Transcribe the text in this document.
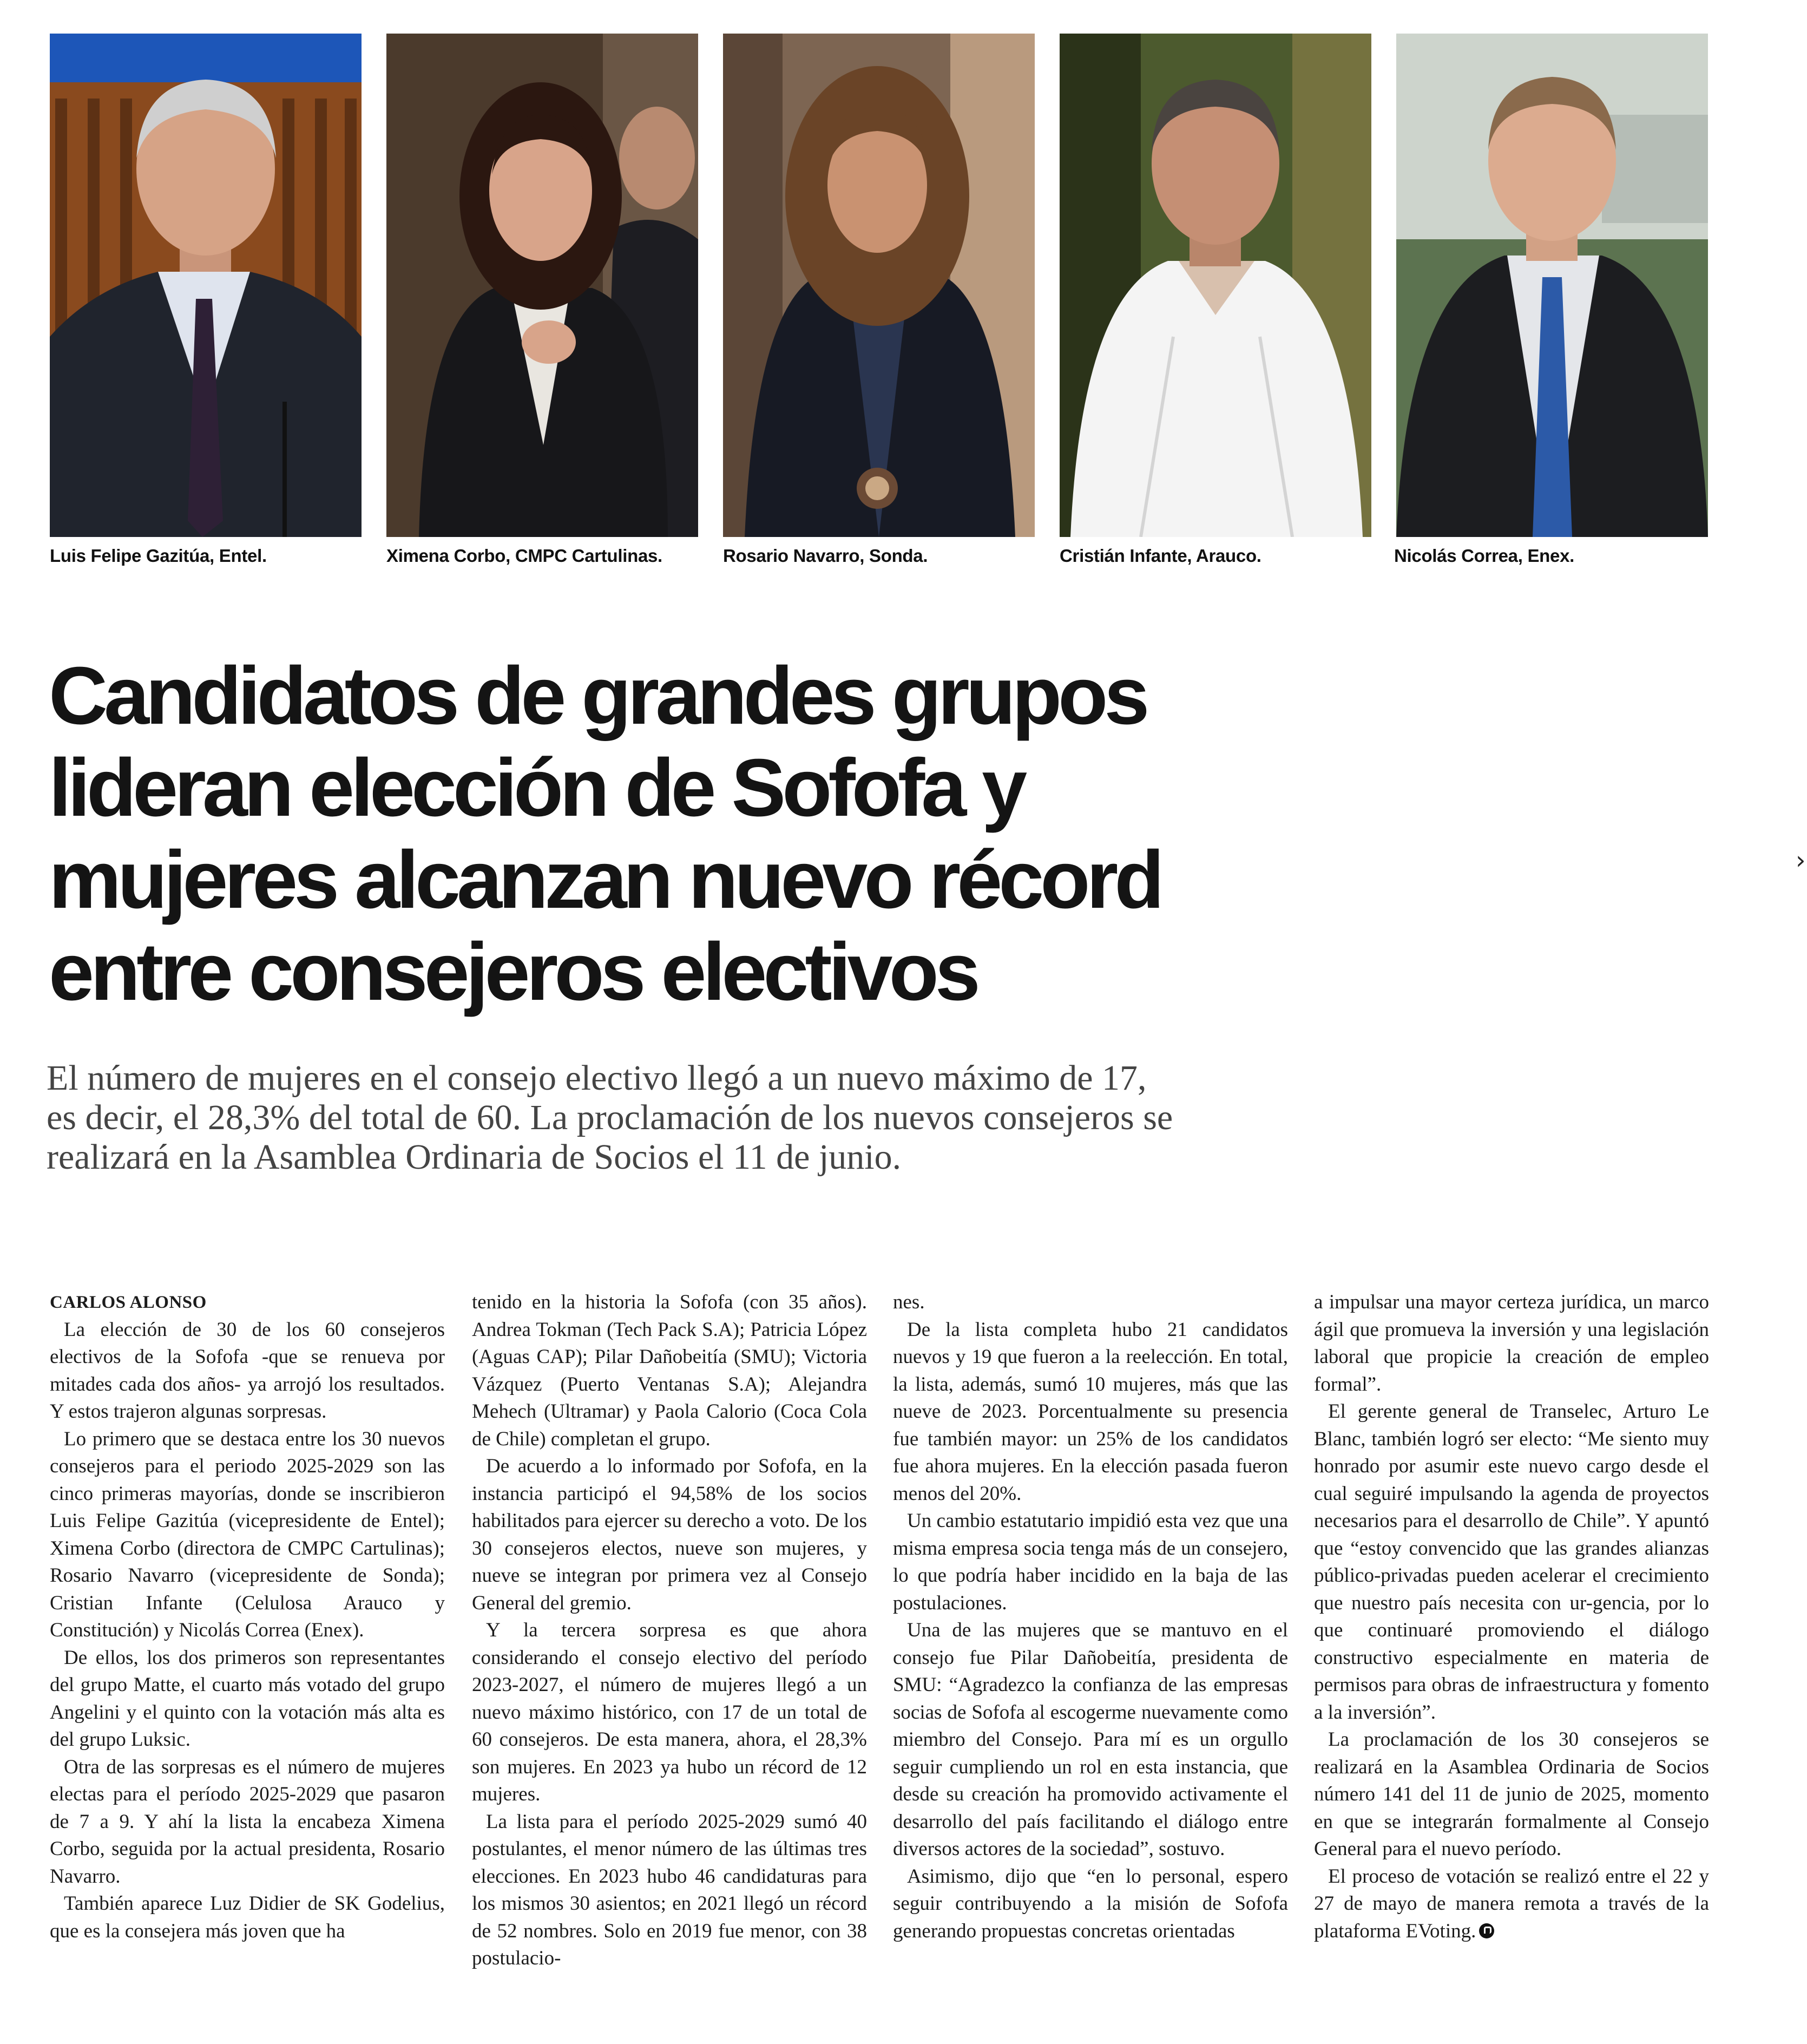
Luis Felipe Gazitúa, Entel.	Ximena Corbo, CMPC Cartulinas.	Rosario Navarro, Sonda.	Cristián Infante, Arauco.	Nicolás Correa, Enex.
›
Candidatos de grandes grupos
lideran elección de Sofofa y
mujeres alcanzan nuevo récord
entre consejeros electivos

El número de mujeres en el consejo electivo llegó a un nuevo máximo de 17,
es decir, el 28,3% del total de 60. La proclamación de los nuevos consejeros se
realizará en la Asamblea Ordinaria de Socios el 11 de junio.

CARLOS ALONSO

La elección de 30 de los 60 consejeros electivos de la Sofofa -que se renueva por mitades cada dos años- ya arrojó los resultados. Y estos trajeron algunas sorpresas.

Lo primero que se destaca entre los 30 nuevos consejeros para el periodo 2025-2029 son las cinco primeras mayorías, donde se inscribieron Luis Felipe Gazitúa (vicepresidente de Entel); Ximena Corbo (directora de CMPC Cartulinas); Rosario Navarro (vicepresidente de Sonda); Cristian Infante (Celulosa Arauco y Constitución) y Nicolás Correa (Enex).

De ellos, los dos primeros son representantes del grupo Matte, el cuarto más votado del grupo Angelini y el quinto con la votación más alta es del grupo Luksic.

Otra de las sorpresas es el número de mujeres electas para el período 2025-2029 que pasaron de 7 a 9. Y ahí la lista la encabeza Ximena Corbo, seguida por la actual presidenta, Rosario Navarro.

También aparece Luz Didier de SK Godelius, que es la consejera más joven que ha

tenido en la historia la Sofofa (con 35 años). Andrea Tokman (Tech Pack S.A); Patricia López (Aguas CAP); Pilar Dañobeitía (SMU); Victoria Vázquez (Puerto Ventanas S.A); Alejandra Mehech (Ultramar) y Paola Calorio (Coca Cola de Chile) completan el grupo.

De acuerdo a lo informado por Sofofa, en la instancia participó el 94,58% de los socios habilitados para ejercer su derecho a voto. De los 30 consejeros electos, nueve son mujeres, y nueve se integran por primera vez al Consejo General del gremio.

Y la tercera sorpresa es que ahora considerando el consejo electivo del período 2023-2027, el número de mujeres llegó a un nuevo máximo histórico, con 17 de un total de 60 consejeros. De esta manera, ahora, el 28,3% son mujeres. En 2023 ya hubo un récord de 12 mujeres.

La lista para el período 2025-2029 sumó 40 postulantes, el menor número de las últimas tres elecciones. En 2023 hubo 46 candidaturas para los mismos 30 asientos; en 2021 llegó un récord de 52 nombres. Solo en 2019 fue menor, con 38 postulacio-

nes.

De la lista completa hubo 21 candidatos nuevos y 19 que fueron a la reelección. En total, la lista, además, sumó 10 mujeres, más que las nueve de 2023. Porcentualmente su presencia fue también mayor: un 25% de los candidatos fue ahora mujeres. En la elección pasada fueron menos del 20%.

Un cambio estatutario impidió esta vez que una misma empresa socia tenga más de un consejero, lo que podría haber incidido en la baja de las postulaciones.

Una de las mujeres que se mantuvo en el consejo fue Pilar Dañobeitía, presidenta de SMU: “Agradezco la confianza de las empresas socias de Sofofa al escogerme nuevamente como miembro del Consejo. Para mí es un orgullo seguir cumpliendo un rol en esta instancia, que desde su creación ha promovido activamente el desarrollo del país facilitando el diálogo entre diversos actores de la sociedad”, sostuvo.

Asimismo, dijo que “en lo personal, espero seguir contribuyendo a la misión de Sofofa generando propuestas concretas orientadas

a impulsar una mayor certeza jurídica, un marco ágil que promueva la inversión y una legislación laboral que propicie la creación de empleo formal”.

El gerente general de Transelec, Arturo Le Blanc, también logró ser electo: “Me siento muy honrado por asumir este nuevo cargo desde el cual seguiré impulsando la agenda de proyectos necesarios para el desarrollo de Chile”. Y apuntó que “estoy convencido que las grandes alianzas público-privadas pueden acelerar el crecimiento que nuestro país necesita con ur-gencia, por lo que continuaré promoviendo el diálogo constructivo especialmente en materia de permisos para obras de infraestructura y fomento a la inversión”.

La proclamación de los 30 consejeros se realizará en la Asamblea Ordinaria de Socios número 141 del 11 de junio de 2025, momento en que se integrarán formalmente al Consejo General para el nuevo período.

El proceso de votación se realizó entre el 22 y 27 de mayo de manera remota a través de la plataforma EVoting.
